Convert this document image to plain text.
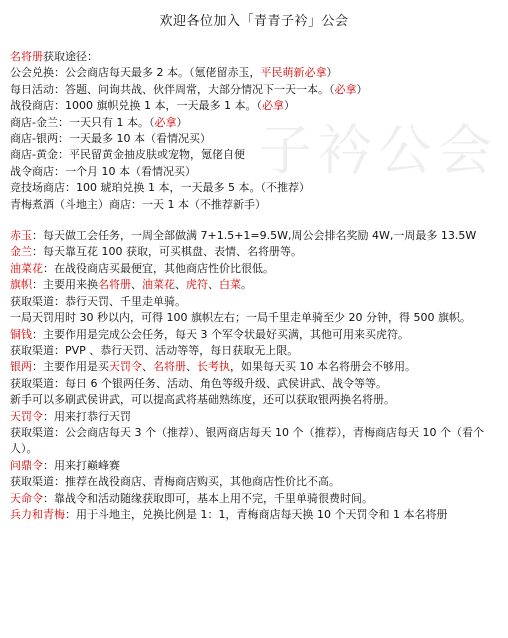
子衿公会
欢迎各位加入「青青子衿」公会
名将册获取途径：
公会兑换：公会商店每天最多 2 本。（氪佬留赤玉，平民萌新必拿）
每日活动：答题、问询共战、伙伴周常，大部分情况下一天一本。（必拿）
战役商店：1000 旗帜兑换 1 本，一天最多 1 本。（必拿）
商店-金兰：一天只有 1 本。（必拿）
商店-银两：一天最多 10 本（看情况买）
商店-黄金：平民留黄金抽皮肤或宠物，氪佬自便
战令商店：一个月 10 本（看情况买）
竞技场商店：100 琥珀兑换 1 本，一天最多 5 本。（不推荐）
青梅煮酒（斗地主）商店：一天 1 本（不推荐新手）
赤玉：每天做工会任务，一周全部做满 7+1.5+1=9.5W,周公会排名奖励 4W,一周最多 13.5W
金兰：每天靠互花 100 获取，可买棋盘、表情、名将册等。
油菜花：在战役商店买最便宜，其他商店性价比很低。
旗帜：主要用来换名将册、油菜花、虎符、白菜。
获取渠道：恭行天罚、千里走单骑。
一局天罚用时 30 秒以内，可得 100 旗帜左右；一局千里走单骑至少 20 分钟，得 500 旗帜。
铜钱：主要作用是完成公会任务，每天 3 个军令状最好买满，其他可用来买虎符。
获取渠道：PVP 、恭行天罚、活动等等，每日获取无上限。
银两：主要作用是买天罚令、名将册、长考执，如果每天买 10 本名将册会不够用。
获取渠道：每日 6 个银两任务、活动、角色等级升级、武侯讲武、战令等等。
新手可以多刷武侯讲武，可以提高武将基础熟练度，还可以获取银两换名将册。
天罚令：用来打恭行天罚
获取渠道：公会商店每天 3 个（推荐）、银两商店每天 10 个（推荐），青梅商店每天 10 个（看个人）。
问鼎令：用来打巅峰赛
获取渠道：推荐在战役商店、青梅商店购买，其他商店性价比不高。
天命令：靠战令和活动随缘获取即可，基本上用不完，千里单骑很费时间。
兵力和青梅：用于斗地主，兑换比例是 1：1，青梅商店每天换 10 个天罚令和 1 本名将册
